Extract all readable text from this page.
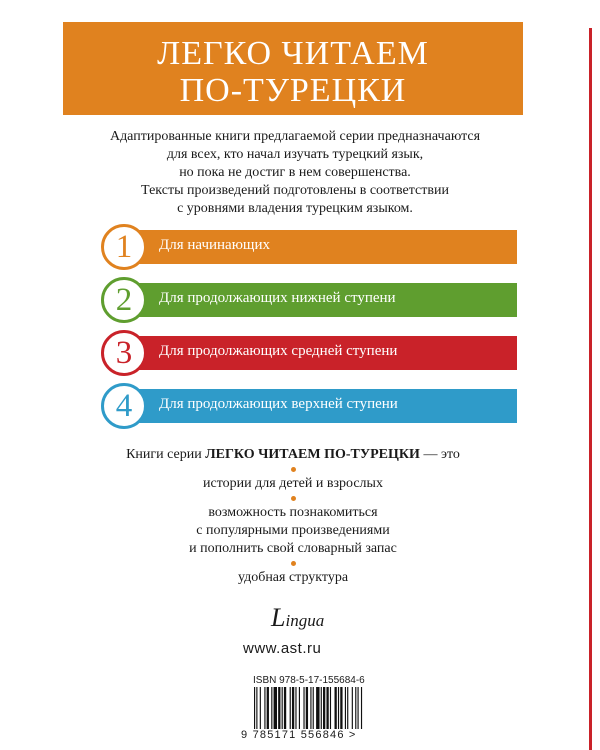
ЛЕГКО ЧИТАЕМ
ПО-ТУРЕЦКИ
Адаптированные книги предлагаемой серии предназначаются
для всех, кто начал изучать турецкий язык,
но пока не достиг в нем совершенства.
Тексты произведений подготовлены в соответствии
с уровнями владения турецким языком.
1	Для начинающих
2	Для продолжающих нижней ступени
3	Для продолжающих средней ступени
4	Для продолжающих верхней ступени
Книги серии ЛЕГКО ЧИТАЕМ ПО-ТУРЕЦКИ — это
истории для детей и взрослых
возможность познакомиться
с популярными произведениями
и пополнить свой словарный запас
удобная структура
Lingua
www.ast.ru
ISBN 978-5-17-155684-6
9 785171 556846 >
